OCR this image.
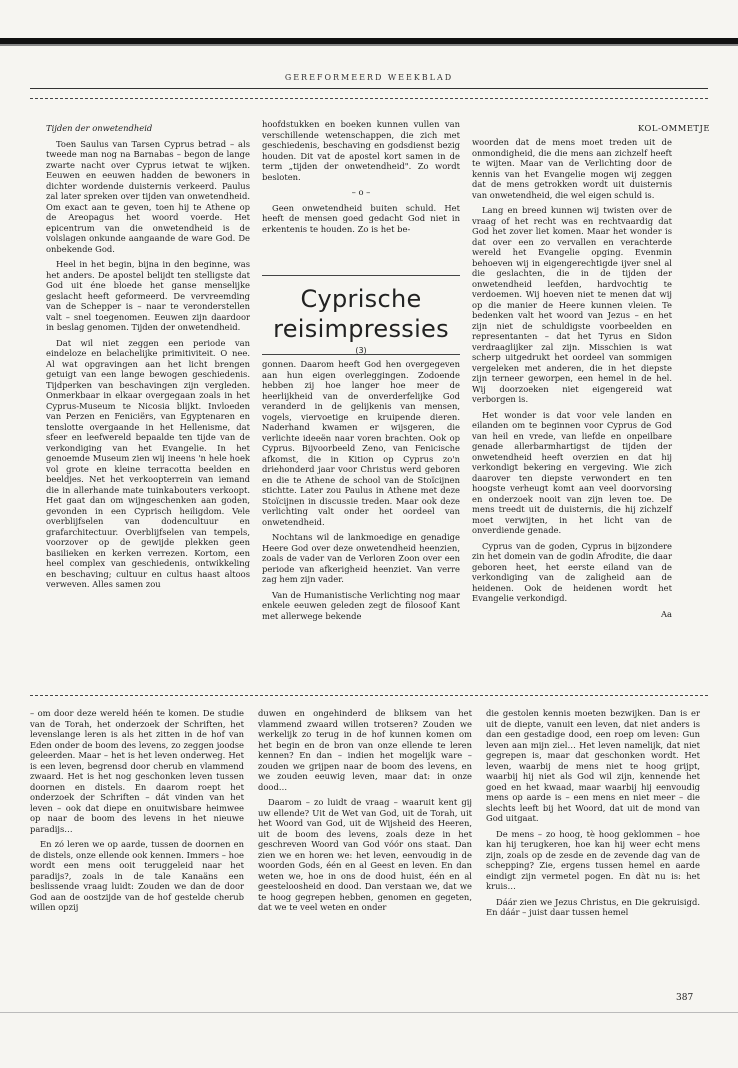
GEREFORMEERD WEEKBLAD

Tijden der onwetendheid

Toen Saulus van Tarsen Cyprus betrad – als tweede man nog na Barnabas – begon de lange zwarte nacht over Cyprus ietwat te wijken. Eeuwen en eeuwen hadden de bewoners in dichter wordende duisternis verkeerd. Paulus zal later spreken over tijden van onwetendheid. Om exact aan te geven, toen hij te Athene op de Areopagus het woord voerde. Het epicentrum van die onwetendheid is de volslagen onkunde aangaande de ware God. De onbekende God.

Heel in het begin, bijna in den beginne, was het anders. De apostel belijdt ten stelligste dat God uit éne bloede het ganse menselijke geslacht heeft geformeerd. De vervreemding van de Schepper is – naar te veronderstellen valt – snel toegenomen. Eeuwen zijn daardoor in beslag genomen. Tijden der onwetendheid.

Dat wil niet zeggen een periode van eindeloze en belachelijke primitiviteit. O nee. Al wat opgravingen aan het licht brengen getuigt van een lange bewogen geschiedenis. Tijdperken van beschavingen zijn vergleden. Onmerkbaar in elkaar overgegaan zoals in het Cyprus-Museum te Nicosia blijkt. Invloeden van Perzen en Feniciërs, van Egyptenaren en tenslotte overgaande in het Hellenisme, dat sfeer en leefwereld bepaalde ten tijde van de verkondiging van het Evangelie. In het genoemde Museum zien wij ineens 'n hele hoek vol grote en kleine terracotta beelden en beeldjes. Net het verkoopterrein van iemand die in allerhande mate tuinkabouters verkoopt. Het gaat dan om wijngeschenken aan goden, gevonden in een Cyprisch heiligdom. Vele overblijfselen van dodencultuur en grafarchitectuur. Overblijfselen van tempels, voorzover op de gewijde plekken geen basilieken en kerken verrezen. Kortom, een heel complex van geschiedenis, ontwikkeling en beschaving; cultuur en cultus haast altoos verweven. Alles samen zou

hoofdstukken en boeken kunnen vullen van verschillende wetenschappen, die zich met geschiedenis, beschaving en godsdienst bezig houden. Dit vat de apostel kort samen in de term „tijden der onwetendheid". Zo wordt besloten.

– o –

Geen onwetendheid buiten schuld. Het heeft de mensen goed gedacht God niet in erkentenis te houden. Zo is het be-

Cyprische
reisimpressies
(3)

gonnen. Daarom heeft God hen overgegeven aan hun eigen overleggingen. Zodoende hebben zij hoe langer hoe meer de heerlijkheid van de onverderfelijke God veranderd in de gelijkenis van mensen, vogels, viervoetige en kruipende dieren. Naderhand kwamen er wijsgeren, die verlichte ideeën naar voren brachten. Ook op Cyprus. Bijvoorbeeld Zeno, van Fenicische afkomst, die in Kition op Cyprus zo'n driehonderd jaar voor Christus werd geboren en die te Athene de school van de Stoïcijnen stichtte. Later zou Paulus in Athene met deze Stoïcijnen in discussie treden. Maar ook deze verlichting valt onder het oordeel van onwetendheid.

Nochtans wil de lankmoedige en genadige Heere God over deze onwetendheid heenzien, zoals de vader van de Verloren Zoon over een periode van afkerigheid heenziet. Van verre zag hem zijn vader.

Van de Humanistische Verlichting nog maar enkele eeuwen geleden zegt de filosoof Kant met allerwege bekende

KOL-OMMETJE

woorden dat de mens moet treden uit de onmondigheid, die die mens aan zichzelf heeft te wijten. Maar van de Verlichting door de kennis van het Evangelie mogen wij zeggen dat de mens getrokken wordt uit duisternis van onwetendheid, die wel eigen schuld is.

Lang en breed kunnen wij twisten over de vraag of het recht was en rechtvaardig dat God het zover liet komen. Maar het wonder is dat over een zo vervallen en verachterde wereld het Evangelie opging. Evenmin behoeven wij in eigengerechtigde ijver snel al die geslachten, die in de tijden der onwetendheid leefden, hardvochtig te verdoemen. Wij hoeven niet te menen dat wij op die manier de Heere kunnen vleien. Te bedenken valt het woord van Jezus – en het zijn niet de schuldigste voorbeelden en representanten – dat het Tyrus en Sidon verdraaglijker zal zijn. Misschien is wat scherp uitgedrukt het oordeel van sommigen vergeleken met anderen, die in het diepste zijn terneer geworpen, een hemel in de hel. Wij doorzoeken niet eigengereid wat verborgen is.

Het wonder is dat voor vele landen en eilanden om te beginnen voor Cyprus de God van heil en vrede, van liefde en onpeilbare genade allerbarmhartigst de tijden der onwetendheid heeft overzien en dat hij verkondigt bekering en vergeving. Wie zich daarover ten diepste verwondert en ten hoogste verheugt komt aan veel doorvorsing en onderzoek nooit van zijn leven toe. De mens treedt uit de duisternis, die hij zichzelf moet verwijten, in het licht van de onverdiende genade.

Cyprus van de goden, Cyprus in bijzondere zin het domein van de godin Afrodite, die daar geboren heet, het eerste eiland van de verkondiging van de zaligheid aan de heidenen. Ook de heidenen wordt het Evangelie verkondigd.

Aa

– om door deze wereld héén te komen. De studie van de Torah, het onderzoek der Schriften, het levenslange leren is als het zitten in de hof van Eden onder de boom des levens, zo zeggen joodse geleerden. Maar – het is het leven onderweg. Het is een leven, begrensd door cherub en vlammend zwaard. Het is het nog geschonken leven tussen doornen en distels. En daarom roept het onderzoek der Schriften – dát vinden van het leven – ook dat diepe en onuitwisbare heimwee op naar de boom des levens in het nieuwe paradijs…

En zó leren we op aarde, tussen de doornen en de distels, onze ellende ook kennen. Immers – hoe wordt een mens ooit teruggeleid naar het paradijs?, zoals in de tale Kanaäns een beslissende vraag luidt: Zouden we dan de door God aan de oostzijde van de hof gestelde cherub willen opzij

duwen en ongehinderd de bliksem van het vlammend zwaard willen trotseren? Zouden we werkelijk zo terug in de hof kunnen komen om het begin en de bron van onze ellende te leren kennen? En dan – indien het mogelijk ware – zouden we grijpen naar de boom des levens, en we zouden eeuwig leven, maar dat: in onze dood…

Daarom – zo luidt de vraag – waaruit kent gij uw ellende? Uit de Wet van God, uit de Torah, uit het Woord van God, uit de Wijsheid des Heeren, uit de boom des levens, zoals deze in het geschreven Woord van God vóór ons staat. Dan zien we en horen we: het leven, eenvoudig in de woorden Gods, één en al Geest en leven. En dan weten we, hoe in ons de dood huist, één en al geesteloosheid en dood. Dan verstaan we, dat we te hoog gegrepen hebben, genomen en gegeten, dat we te veel weten en onder

die gestolen kennis moeten bezwijken. Dan is er uit de diepte, vanuit een leven, dat niet anders is dan een gestadige dood, een roep om leven: Gun leven aan mijn ziel… Het leven namelijk, dat niet gegrepen is, maar dat geschonken wordt. Het leven, waarbij de mens niet te hoog grijpt, waarbij hij niet als God wil zijn, kennende het goed en het kwaad, maar waarbij hij eenvoudig mens op aarde is – een mens en niet meer – die slechts leeft bij het Woord, dat uit de mond van God uitgaat.

De mens – zo hoog, tè hoog geklommen – hoe kan hij terugkeren, hoe kan hij weer echt mens zijn, zoals op de zesde en de zevende dag van de schepping? Zie, ergens tussen hemel en aarde eindigt zijn vermetel pogen. En dàt nu is: het kruis…

Dáár zien we Jezus Christus, en Die gekruisigd. En dáár – juist daar tussen hemel

387
